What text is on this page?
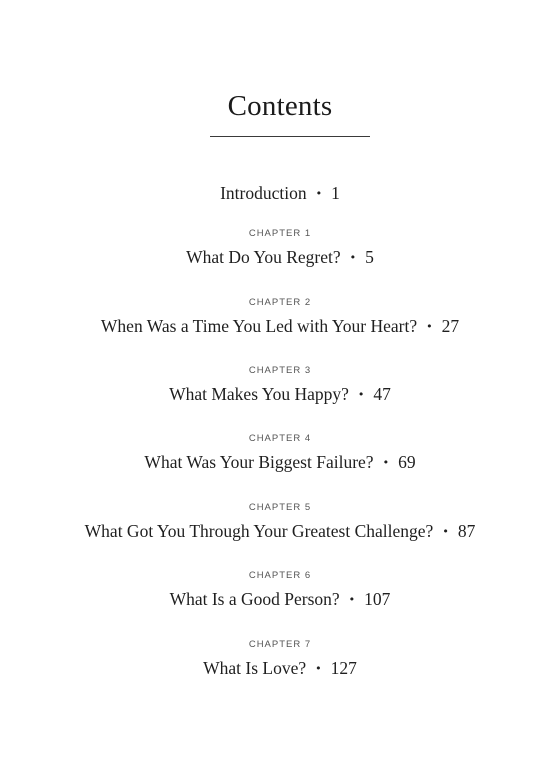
Contents
Introduction • 1
CHAPTER 1
What Do You Regret? • 5
CHAPTER 2
When Was a Time You Led with Your Heart? • 27
CHAPTER 3
What Makes You Happy? • 47
CHAPTER 4
What Was Your Biggest Failure? • 69
CHAPTER 5
What Got You Through Your Greatest Challenge? • 87
CHAPTER 6
What Is a Good Person? • 107
CHAPTER 7
What Is Love? • 127
